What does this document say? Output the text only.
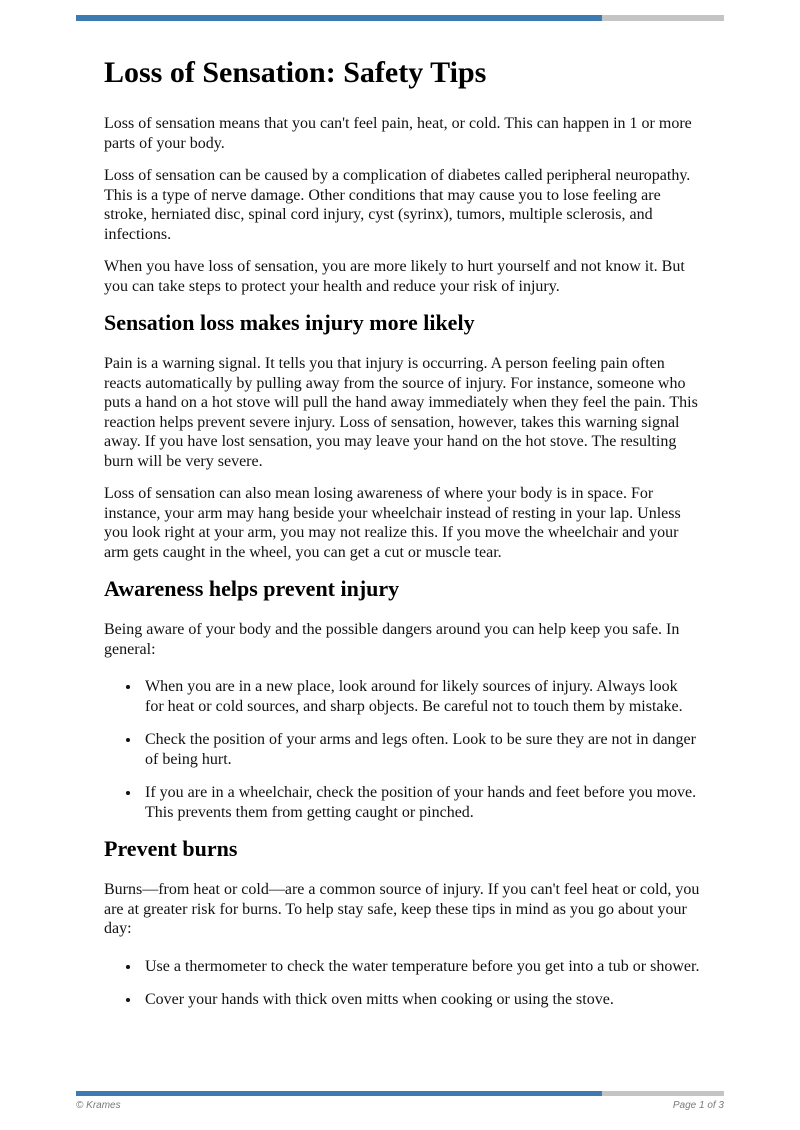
Loss of Sensation: Safety Tips

Loss of sensation means that you can't feel pain, heat, or cold. This can happen in 1 or more parts of your body.

Loss of sensation can be caused by a complication of diabetes called peripheral neuropathy. This is a type of nerve damage. Other conditions that may cause you to lose feeling are stroke, herniated disc, spinal cord injury, cyst (syrinx), tumors, multiple sclerosis, and infections.

When you have loss of sensation, you are more likely to hurt yourself and not know it. But you can take steps to protect your health and reduce your risk of injury.

Sensation loss makes injury more likely

Pain is a warning signal. It tells you that injury is occurring. A person feeling pain often reacts automatically by pulling away from the source of injury. For instance, someone who puts a hand on a hot stove will pull the hand away immediately when they feel the pain. This reaction helps prevent severe injury. Loss of sensation, however, takes this warning signal away. If you have lost sensation, you may leave your hand on the hot stove. The resulting burn will be very severe.

Loss of sensation can also mean losing awareness of where your body is in space. For instance, your arm may hang beside your wheelchair instead of resting in your lap. Unless you look right at your arm, you may not realize this. If you move the wheelchair and your arm gets caught in the wheel, you can get a cut or muscle tear.

Awareness helps prevent injury

Being aware of your body and the possible dangers around you can help keep you safe. In general:

• When you are in a new place, look around for likely sources of injury. Always look for heat or cold sources, and sharp objects. Be careful not to touch them by mistake.
• Check the position of your arms and legs often. Look to be sure they are not in danger of being hurt.
• If you are in a wheelchair, check the position of your hands and feet before you move. This prevents them from getting caught or pinched.
Prevent burns

Burns—from heat or cold—are a common source of injury. If you can't feel heat or cold, you are at greater risk for burns. To help stay safe, keep these tips in mind as you go about your day:

• Use a thermometer to check the water temperature before you get into a tub or shower.
• Cover your hands with thick oven mitts when cooking or using the stove.
© Krames	Page 1 of 3
